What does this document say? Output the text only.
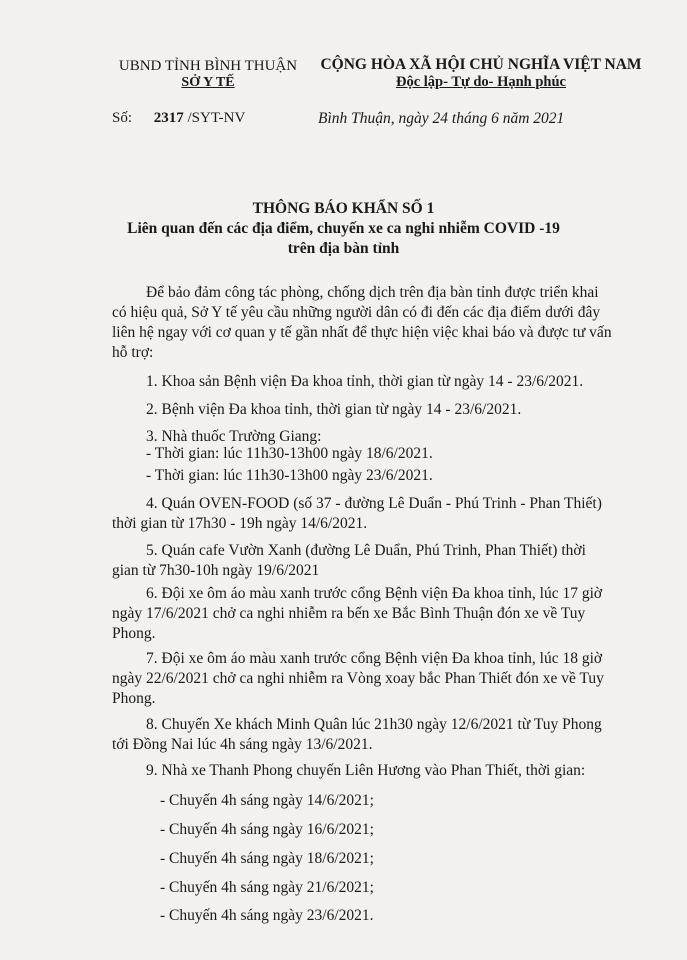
UBND TỈNH BÌNH THUẬN
SỞ Y TẾ
CỘNG HÒA XÃ HỘI CHỦ NGHĨA VIỆT NAM
Độc lập- Tự do- Hạnh phúc
Số: 2317 /SYT-NV	Bình Thuận, ngày 24 tháng 6 năm 2021
THÔNG BÁO KHẨN SỐ 1
Liên quan đến các địa điểm, chuyến xe ca nghi nhiễm COVID -19
trên địa bàn tỉnh
Để bảo đảm công tác phòng, chống dịch trên địa bàn tỉnh được triển khai
có hiệu quả, Sở Y tế yêu cầu những người dân có đi đến các địa điểm dưới đây
liên hệ ngay với cơ quan y tế gần nhất để thực hiện việc khai báo và được tư vấn
hỗ trợ:
1. Khoa sản Bệnh viện Đa khoa tỉnh, thời gian từ ngày 14 - 23/6/2021.
2. Bệnh viện Đa khoa tỉnh, thời gian từ ngày 14 - 23/6/2021.
3. Nhà thuốc Trường Giang:
- Thời gian: lúc 11h30-13h00 ngày 18/6/2021.
- Thời gian: lúc 11h30-13h00 ngày 23/6/2021.
4. Quán OVEN-FOOD (số 37 - đường Lê Duẩn - Phú Trinh - Phan Thiết)
thời gian từ 17h30 - 19h ngày 14/6/2021.
5. Quán cafe Vườn Xanh (đường Lê Duẩn, Phú Trinh, Phan Thiết) thời
gian từ 7h30-10h ngày 19/6/2021
6. Đội xe ôm áo màu xanh trước cổng Bệnh viện Đa khoa tỉnh, lúc 17 giờ
ngày 17/6/2021 chở ca nghi nhiễm ra bến xe Bắc Bình Thuận đón xe về Tuy
Phong.
7. Đội xe ôm áo màu xanh trước cổng Bệnh viện Đa khoa tỉnh, lúc 18 giờ
ngày 22/6/2021 chở ca nghi nhiễm ra Vòng xoay bắc Phan Thiết đón xe về Tuy
Phong.
8. Chuyến Xe khách Minh Quân lúc 21h30 ngày 12/6/2021 từ Tuy Phong
tới Đồng Nai lúc 4h sáng ngày 13/6/2021.
9. Nhà xe Thanh Phong chuyến Liên Hương vào Phan Thiết, thời gian:
- Chuyến 4h sáng ngày 14/6/2021;
- Chuyến 4h sáng ngày 16/6/2021;
- Chuyến 4h sáng ngày 18/6/2021;
- Chuyến 4h sáng ngày 21/6/2021;
- Chuyến 4h sáng ngày 23/6/2021.
